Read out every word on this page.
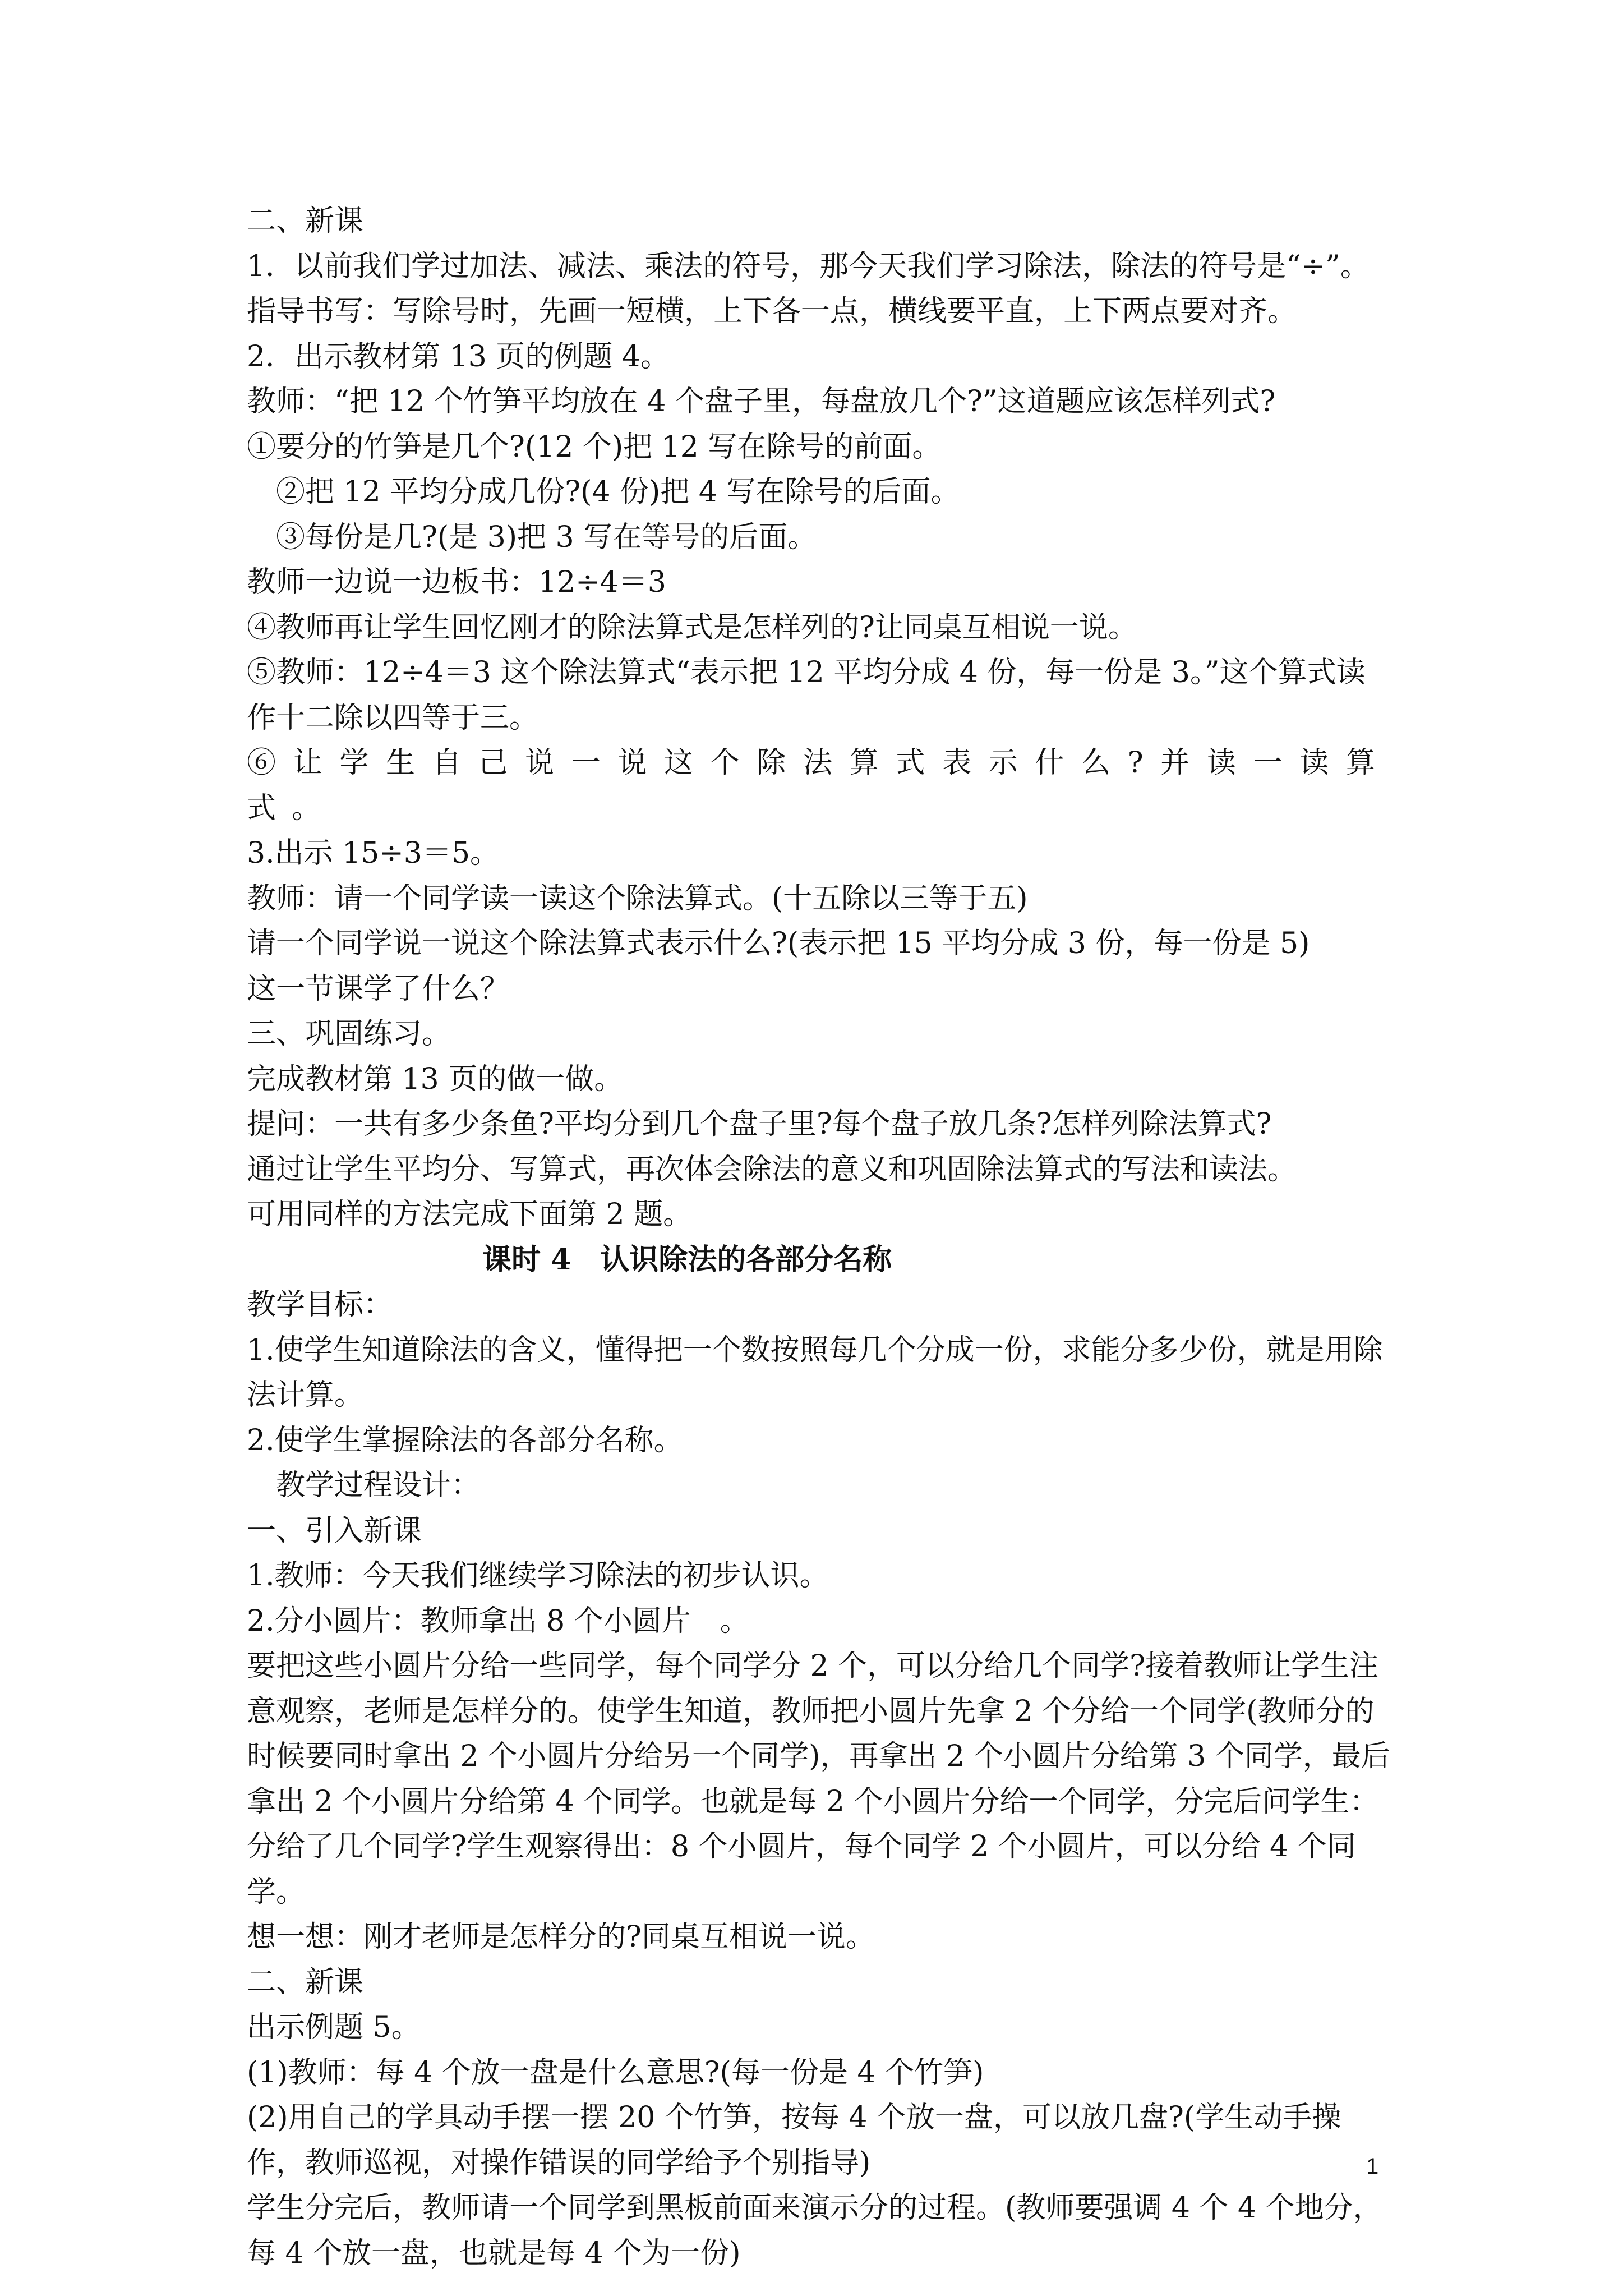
二、新课
1．以前我们学过加法、减法、乘法的符号，那今天我们学习除法，除法的符号是“÷”。
指导书写：写除号时，先画一短横，上下各一点，横线要平直，上下两点要对齐。
2．出示教材第 13 页的例题 4。
教师：“把 12 个竹笋平均放在 4 个盘子里，每盘放几个?”这道题应该怎样列式?
①要分的竹笋是几个?(12 个)把 12 写在除号的前面。
②把 12 平均分成几份?(4 份)把 4 写在除号的后面。
③每份是几?(是 3)把 3 写在等号的后面。
教师一边说一边板书：12÷4＝3
④教师再让学生回忆刚才的除法算式是怎样列的?让同桌互相说一说。
⑤教师：12÷4＝3 这个除法算式“表示把 12 平均分成 4 份，每一份是 3。”这个算式读作十二除以四等于三。
⑥让学生自己说一说这个除法算式表示什么?并读一读算式。
3.出示 15÷3＝5。
教师：请一个同学读一读这个除法算式。(十五除以三等于五)
请一个同学说一说这个除法算式表示什么?(表示把 15 平均分成 3 份，每一份是 5)
这一节课学了什么？
三、巩固练习。
完成教材第 13 页的做一做。
提问：一共有多少条鱼?平均分到几个盘子里?每个盘子放几条?怎样列除法算式?
通过让学生平均分、写算式，再次体会除法的意义和巩固除法算式的写法和读法。
可用同样的方法完成下面第 2 题。
课时 4　认识除法的各部分名称
教学目标：
1.使学生知道除法的含义，懂得把一个数按照每几个分成一份，求能分多少份，就是用除法计算。
2.使学生掌握除法的各部分名称。
教学过程设计：
一、引入新课
1.教师：今天我们继续学习除法的初步认识。
2.分小圆片：教师拿出 8 个小圆片　。
要把这些小圆片分给一些同学，每个同学分 2 个，可以分给几个同学?接着教师让学生注意观察，老师是怎样分的。使学生知道，教师把小圆片先拿 2 个分给一个同学(教师分的时候要同时拿出 2 个小圆片分给另一个同学)，再拿出 2 个小圆片分给第 3 个同学，最后拿出 2 个小圆片分给第 4 个同学。也就是每 2 个小圆片分给一个同学，分完后问学生：分给了几个同学?学生观察得出：8 个小圆片，每个同学 2 个小圆片，可以分给 4 个同学。
想一想：刚才老师是怎样分的?同桌互相说一说。
二、新课
出示例题 5。
(1)教师：每 4 个放一盘是什么意思?(每一份是 4 个竹笋)
(2)用自己的学具动手摆一摆 20 个竹笋，按每 4 个放一盘，可以放几盘?(学生动手操作，教师巡视，对操作错误的同学给予个别指导)
学生分完后，教师请一个同学到黑板前面来演示分的过程。(教师要强调 4 个 4 个地分，每 4 个放一盘，也就是每 4 个为一份)
1
